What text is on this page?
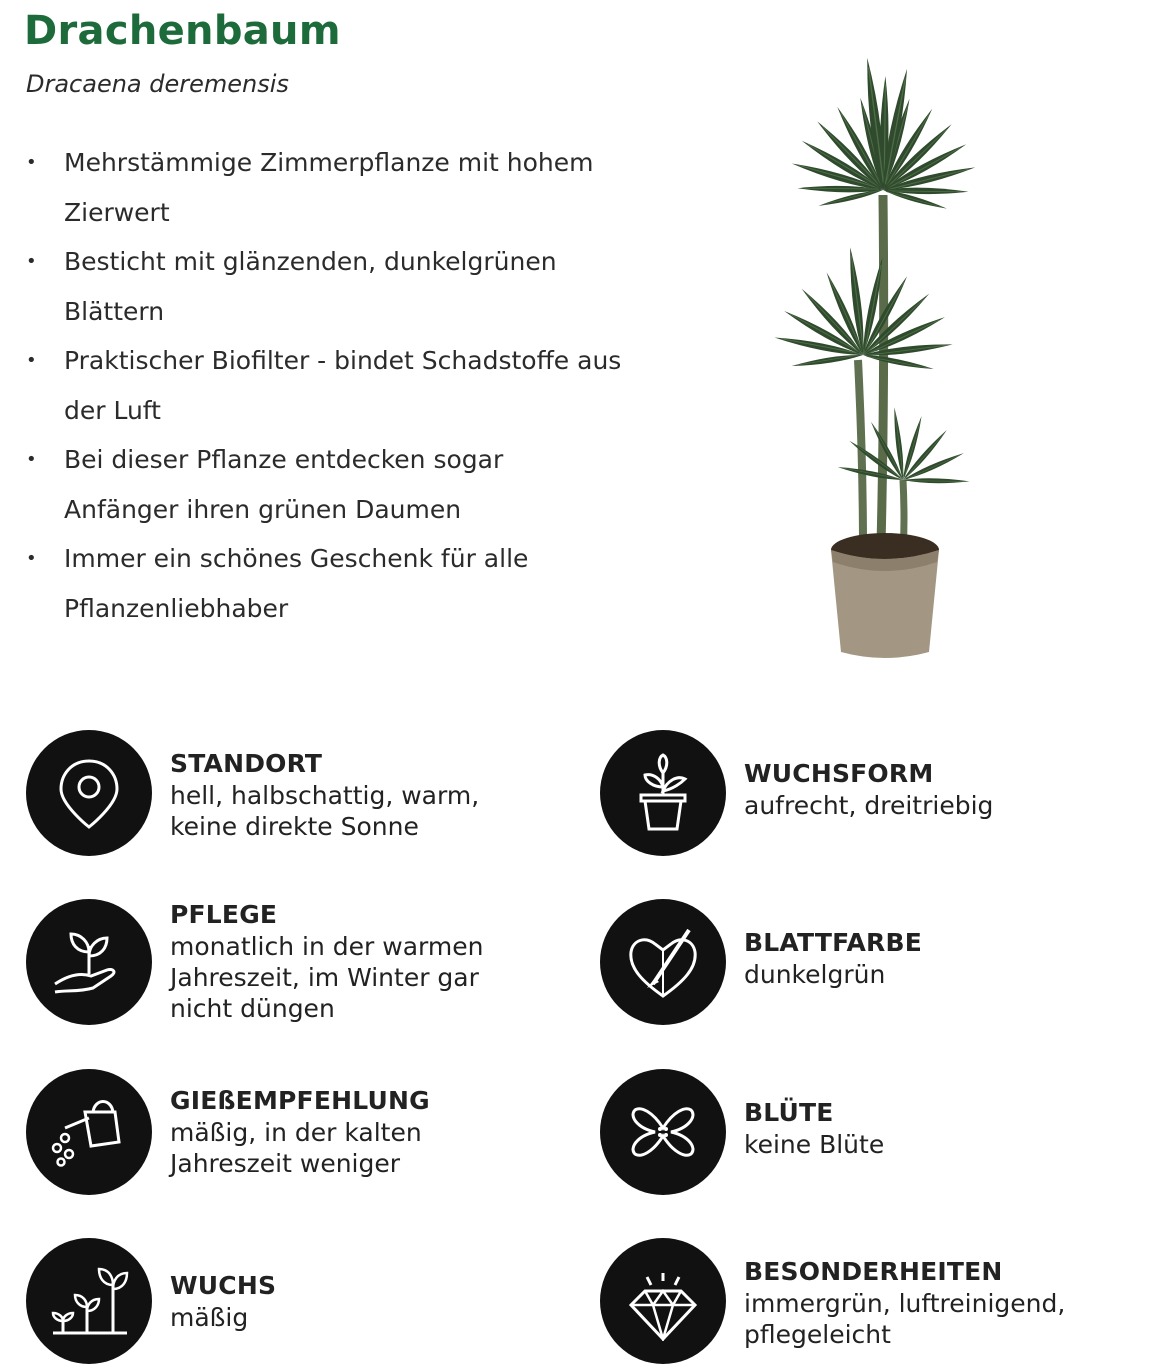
Drachenbaum
Dracaena deremensis
• Mehrstämmige Zimmerpflanze mit hohem Zierwert
• Besticht mit glänzenden, dunkelgrünen Blättern
• Praktischer Biofilter - bindet Schadstoffe aus der Luft
• Bei dieser Pflanze entdecken sogar Anfänger ihren grünen Daumen
• Immer ein schönes Geschenk für alle Pflanzenliebhaber
STANDORT
hell, halbschattig, warm, keine direkte Sonne
WUCHSFORM
aufrecht, dreitriebig
PFLEGE
monatlich in der warmen Jahreszeit, im Winter gar nicht düngen
BLATTFARBE
dunkelgrün
GIEßEMPFEHLUNG
mäßig, in der kalten Jahreszeit weniger
BLÜTE
keine Blüte
WUCHS
mäßig
BESONDERHEITEN
immergrün, luftreinigend, pflegeleicht
